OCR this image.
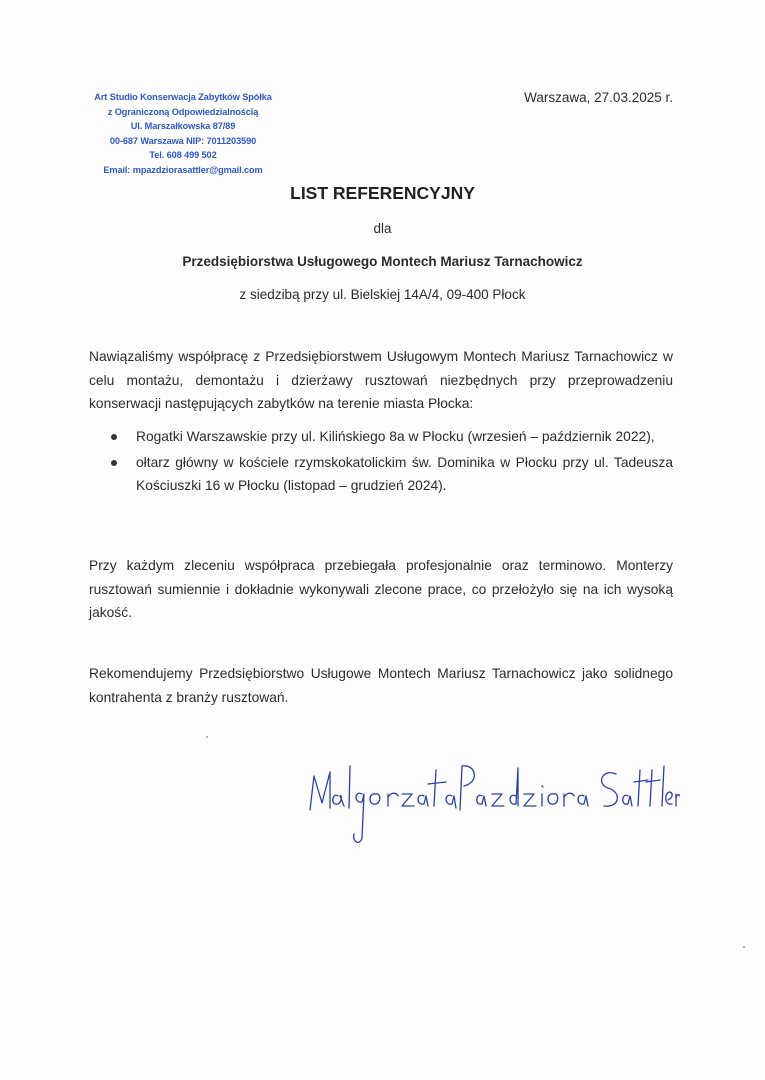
Art Studio Konserwacja Zabytków Spółka
z Ograniczoną Odpowiedzialnością
Ul. Marszałkowska 87/89
00-687 Warszawa NIP: 7011203590
Tel. 608 499 502
Email: mpazdziorasattler@gmail.com
Warszawa, 27.03.2025 r.
LIST REFERENCYJNY
dla
Przedsiębiorstwa Usługowego Montech Mariusz Tarnachowicz
z siedzibą przy ul. Bielskiej 14A/4, 09-400 Płock
Nawiązaliśmy współpracę z Przedsiębiorstwem Usługowym Montech Mariusz Tarnachowicz w celu montażu, demontażu i dzierżawy rusztowań niezbędnych przy przeprowadzeniu konserwacji następujących zabytków na terenie miasta Płocka:
Rogatki Warszawskie przy ul. Kilińskiego 8a w Płocku (wrzesień – październik 2022),
ołtarz główny w kościele rzymskokatolickim św. Dominika w Płocku przy ul. Tadeusza Kościuszki 16 w Płocku (listopad – grudzień 2024).
Przy każdym zleceniu współpraca przebiegała profesjonalnie oraz terminowo. Monterzy rusztowań sumiennie i dokładnie wykonywali zlecone prace, co przełożyło się na ich wysoką jakość.
Rekomendujemy Przedsiębiorstwo Usługowe Montech Mariusz Tarnachowicz jako solidnego kontrahenta z branży rusztowań.
